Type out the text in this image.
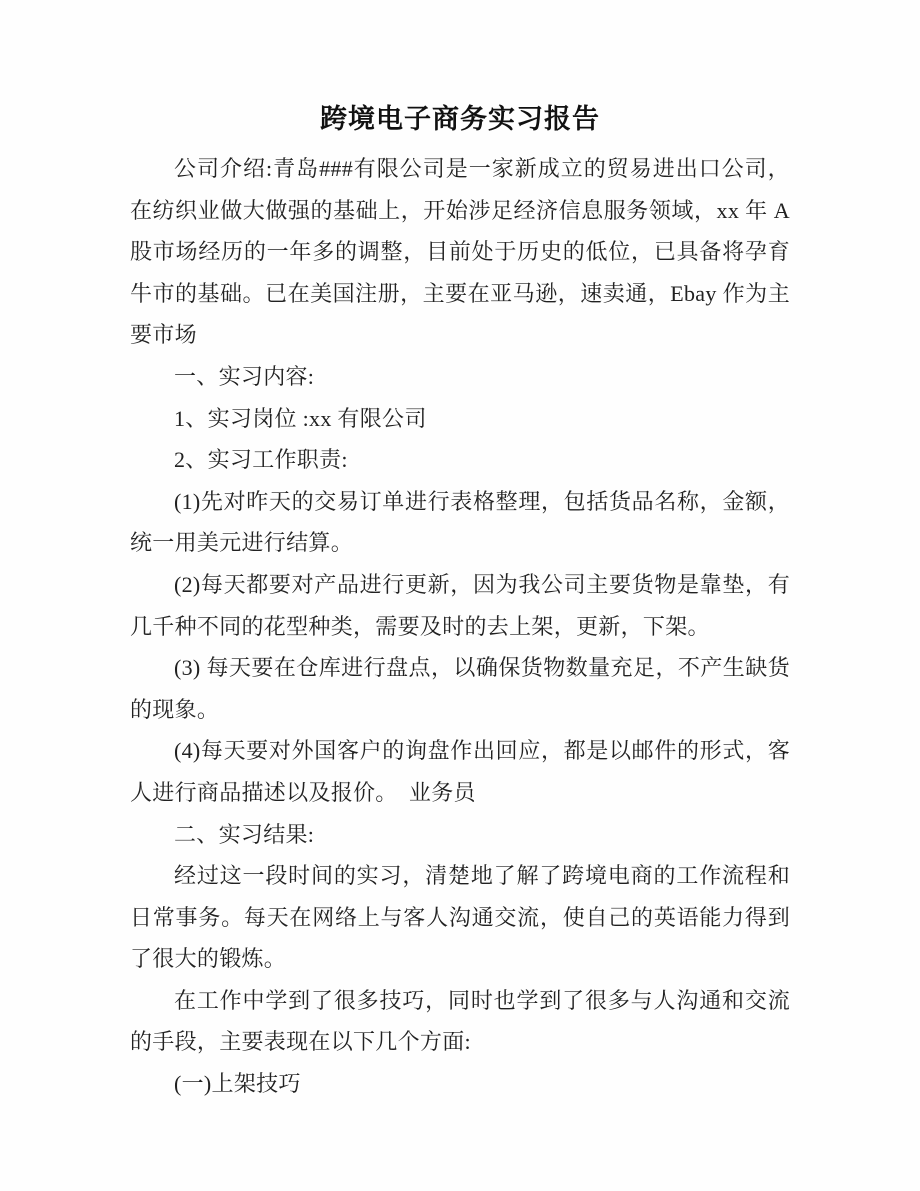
跨境电子商务实习报告

公司介绍:青岛###有限公司是一家新成立的贸易进出口公司，在纺织业做大做强的基础上，开始涉足经济信息服务领域，xx 年 A 股市场经历的一年多的调整，目前处于历史的低位，已具备将孕育牛市的基础。已在美国注册，主要在亚马逊，速卖通，Ebay 作为主要市场

一、实习内容:

1、实习岗位 :xx 有限公司

2、实习工作职责:

(1)先对昨天的交易订单进行表格整理，包括货品名称，金额，统一用美元进行结算。

(2)每天都要对产品进行更新，因为我公司主要货物是靠垫，有几千种不同的花型种类，需要及时的去上架，更新，下架。

(3) 每天要在仓库进行盘点，以确保货物数量充足，不产生缺货的现象。

(4)每天要对外国客户的询盘作出回应，都是以邮件的形式，客人进行商品描述以及报价。　业务员

二、实习结果:

经过这一段时间的实习，清楚地了解了跨境电商的工作流程和日常事务。每天在网络上与客人沟通交流，使自己的英语能力得到了很大的锻炼。

在工作中学到了很多技巧，同时也学到了很多与人沟通和交流的手段，主要表现在以下几个方面:

(一)上架技巧
